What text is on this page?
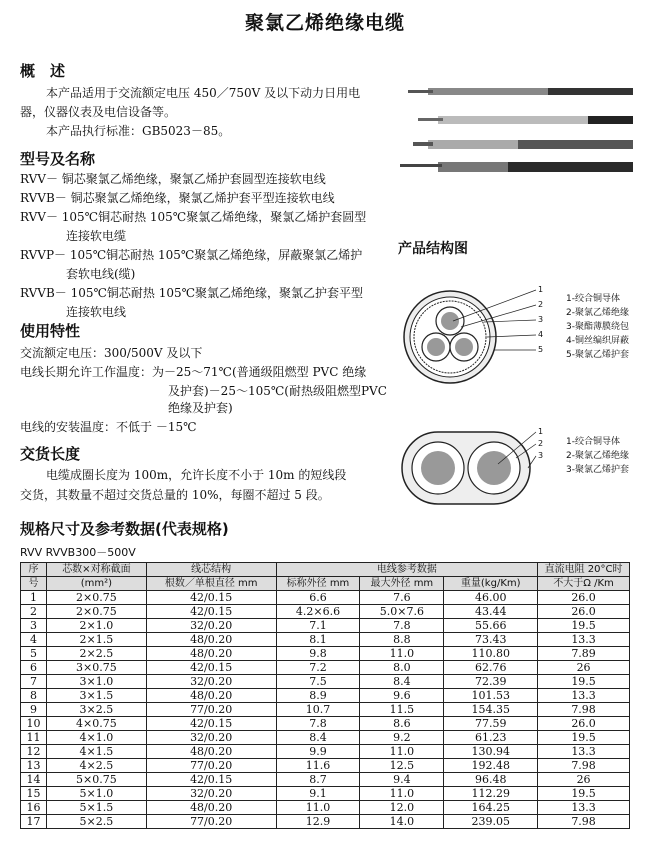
聚氯乙烯绝缘电缆
概　述
本产品适用于交流额定电压 450／750V 及以下动力日用电
器，仪器仪表及电信设备等。
本产品执行标准：GB5023－85。
型号及名称
RVV－ 铜芯聚氯乙烯绝缘，聚氯乙烯护套圆型连接软电线
RVVB－ 铜芯聚氯乙烯绝缘，聚氯乙烯护套平型连接软电线
RVV－ 105℃铜芯耐热 105℃聚氯乙烯绝缘，聚氯乙烯护套圆型
连接软电缆
RVVP－ 105℃铜芯耐热 105℃聚氯乙烯绝缘，屏蔽聚氯乙烯护
套软电线(缆)
RVVB－ 105℃铜芯耐热 105℃聚氯乙烯绝缘，聚氯乙护套平型
连接软电线
使用特性
交流额定电压：300/500V 及以下
电线长期允许工作温度：为－25～71℃(普通级阻燃型 PVC 绝缘
及护套)－25～105℃(耐热级阻燃型PVC
绝缘及护套)
电线的安装温度：不低于 －15℃
交货长度
电缆成圈长度为 100m，允许长度不小于 10m 的短线段
交货，其数量不超过交货总量的 10%，每圈不超过 5 段。
产品结构图
1
2
3
4
5
1-绞合铜导体
2-聚氯乙烯绝缘
3-聚酯薄膜绕包
4-铜丝编织屏蔽
5-聚氯乙烯护套
1
2
3
1-绞合铜导体
2-聚氯乙烯绝缘
3-聚氯乙烯护套
规格尺寸及参考数据(代表规格)
RVV RVVB300－500V
序	芯数×对称截面	线芯结构	电线参考数据			直流电阻 20°C时
号	(mm²)	根数／单根直径 mm	标称外径 mm	最大外径 mm	重量(kg/Km)	不大于Ω /Km
1	2×0.75	42/0.15	6.6	7.6	46.00	26.0
2	2×0.75	42/0.15	4.2×6.6	5.0×7.6	43.44	26.0
3	2×1.0	32/0.20	7.1	7.8	55.66	19.5
4	2×1.5	48/0.20	8.1	8.8	73.43	13.3
5	2×2.5	48/0.20	9.8	11.0	110.80	7.89
6	3×0.75	42/0.15	7.2	8.0	62.76	26
7	3×1.0	32/0.20	7.5	8.4	72.39	19.5
8	3×1.5	48/0.20	8.9	9.6	101.53	13.3
9	3×2.5	77/0.20	10.7	11.5	154.35	7.98
10	4×0.75	42/0.15	7.8	8.6	77.59	26.0
11	4×1.0	32/0.20	8.4	9.2	61.23	19.5
12	4×1.5	48/0.20	9.9	11.0	130.94	13.3
13	4×2.5	77/0.20	11.6	12.5	192.48	7.98
14	5×0.75	42/0.15	8.7	9.4	96.48	26
15	5×1.0	32/0.20	9.1	11.0	112.29	19.5
16	5×1.5	48/0.20	11.0	12.0	164.25	13.3
17	5×2.5	77/0.20	12.9	14.0	239.05	7.98
